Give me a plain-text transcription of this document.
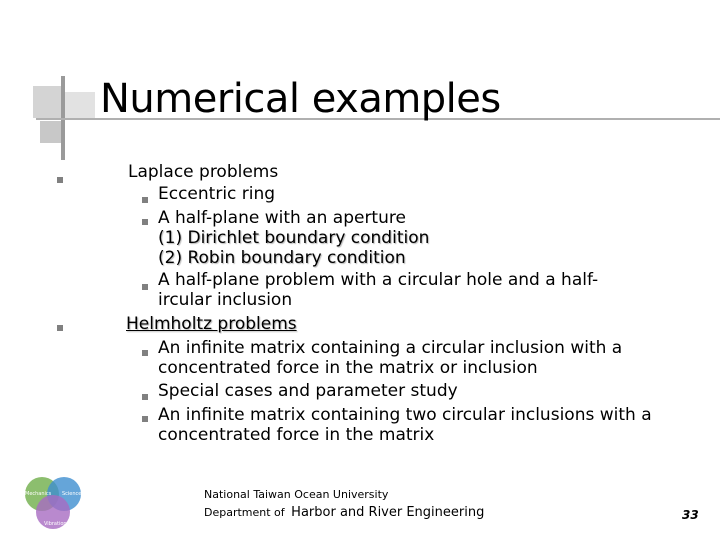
Numerical examples
Laplace problems
Eccentric ring
A half-plane with an aperture
(1) Dirichlet boundary condition
(2) Robin boundary condition
A half-plane problem with a circular hole and a half-
ircular inclusion
Helmholtz problems
An infinite matrix containing a circular inclusion with a
concentrated force in the matrix or inclusion
Special cases and parameter study
An infinite matrix containing two circular inclusions with a
concentrated force in the matrix
Mechanics Science
Vibration
National Taiwan Ocean University
Department of Harbor and River Engineering	33
